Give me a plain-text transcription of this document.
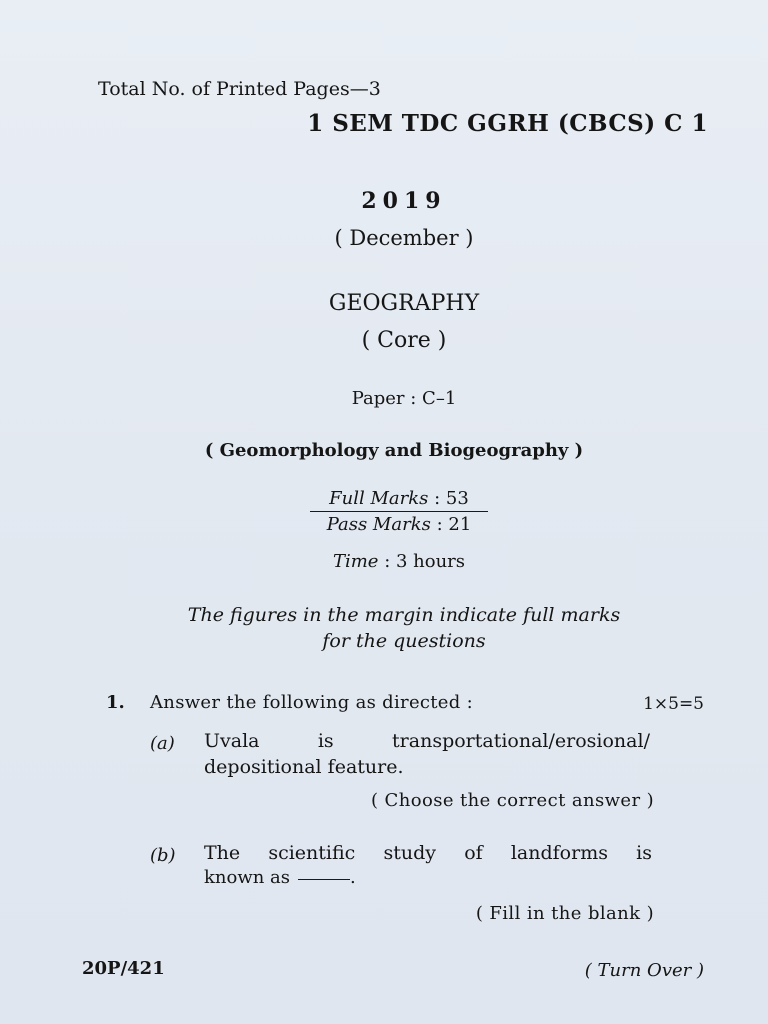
Total No. of Printed Pages—3
1 SEM TDC GGRH (CBCS) C 1
2019
( December )
GEOGRAPHY
( Core )
Paper : C–1
( Geomorphology and Biogeography )
Full Marks : 53
Pass Marks : 21
Time : 3 hours
The figures in the margin indicate full marks
for the questions
1. Answer the following as directed :	1×5=5
(a) Uvala	is	transportational/erosional/
depositional feature.
( Choose the correct answer )
(b) The scientific study of landforms is
known as	.
( Fill in the blank )
20P/421	( Turn Over )
